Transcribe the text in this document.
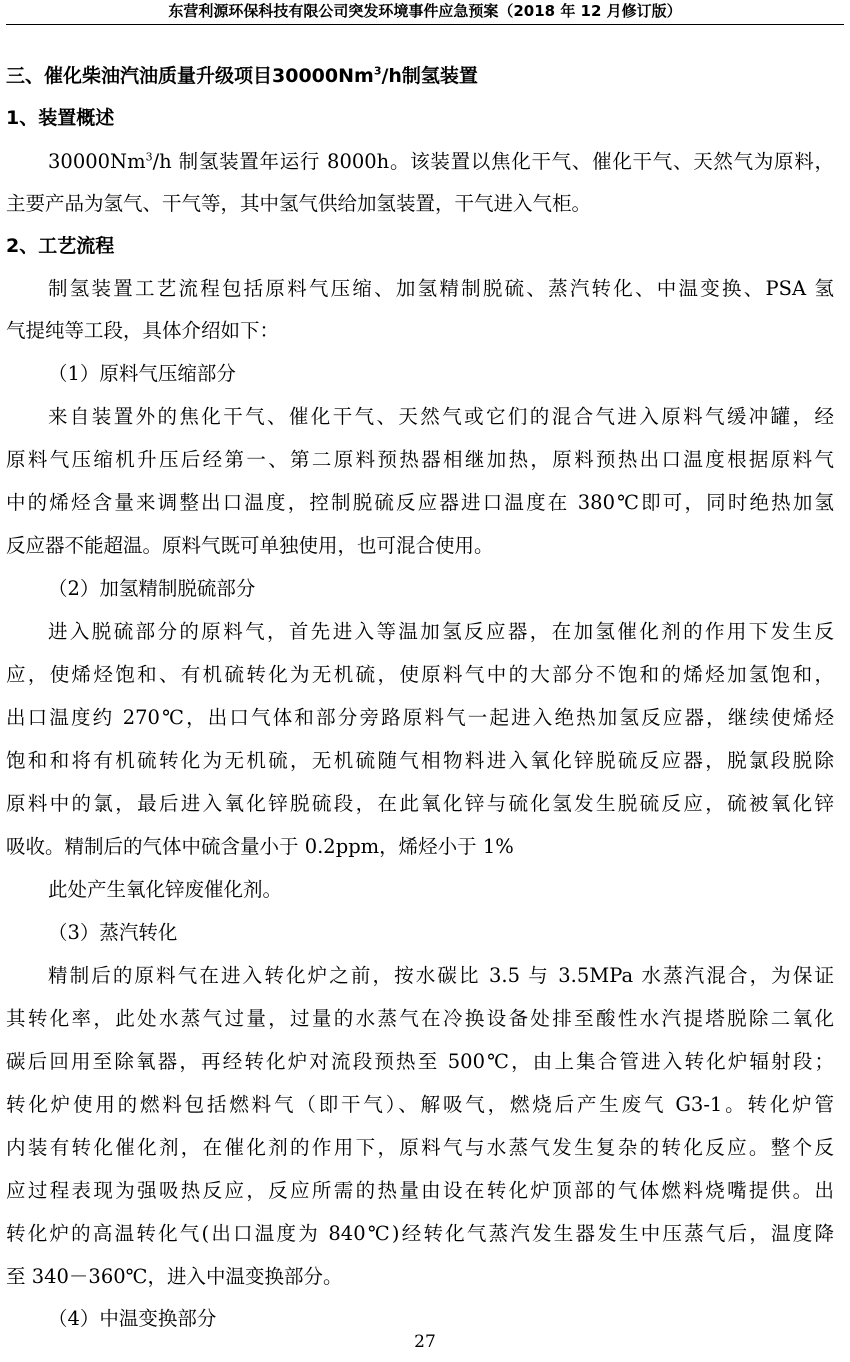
东营利源环保科技有限公司突发环境事件应急预案（2018 年 12 月修订版）
三、催化柴油汽油质量升级项目30000Nm$^3$/h制氢装置
1、装置概述
30000Nm$^3$/h 制氢装置年运行 8000h。该装置以焦化干气、催化干气、天然气为原料，
主要产品为氢气、干气等，其中氢气供给加氢装置，干气进入气柜。
2、工艺流程
制氢装置工艺流程包括原料气压缩、加氢精制脱硫、蒸汽转化、中温变换、PSA 氢
气提纯等工段，具体介绍如下：
（1）原料气压缩部分
来自装置外的焦化干气、催化干气、天然气或它们的混合气进入原料气缓冲罐，经
原料气压缩机升压后经第一、第二原料预热器相继加热，原料预热出口温度根据原料气
中的烯烃含量来调整出口温度，控制脱硫反应器进口温度在 380℃即可，同时绝热加氢
反应器不能超温。原料气既可单独使用，也可混合使用。
（2）加氢精制脱硫部分
进入脱硫部分的原料气，首先进入等温加氢反应器，在加氢催化剂的作用下发生反
应，使烯烃饱和、有机硫转化为无机硫，使原料气中的大部分不饱和的烯烃加氢饱和，
出口温度约 270℃，出口气体和部分旁路原料气一起进入绝热加氢反应器，继续使烯烃
饱和和将有机硫转化为无机硫，无机硫随气相物料进入氧化锌脱硫反应器，脱氯段脱除
原料中的氯，最后进入氧化锌脱硫段，在此氧化锌与硫化氢发生脱硫反应，硫被氧化锌
吸收。精制后的气体中硫含量小于 0.2ppm，烯烃小于 1%
此处产生氧化锌废催化剂。
（3）蒸汽转化
精制后的原料气在进入转化炉之前，按水碳比 3.5 与 3.5MPa 水蒸汽混合，为保证
其转化率，此处水蒸气过量，过量的水蒸气在冷换设备处排至酸性水汽提塔脱除二氧化
碳后回用至除氧器，再经转化炉对流段预热至 500℃，由上集合管进入转化炉辐射段；
转化炉使用的燃料包括燃料气（即干气）、解吸气，燃烧后产生废气 G3-1。转化炉管
内装有转化催化剂，在催化剂的作用下，原料气与水蒸气发生复杂的转化反应。整个反
应过程表现为强吸热反应，反应所需的热量由设在转化炉顶部的气体燃料烧嘴提供。出
转化炉的高温转化气(出口温度为 840℃)经转化气蒸汽发生器发生中压蒸气后，温度降
至 340－360℃，进入中温变换部分。
（4）中温变换部分
27
